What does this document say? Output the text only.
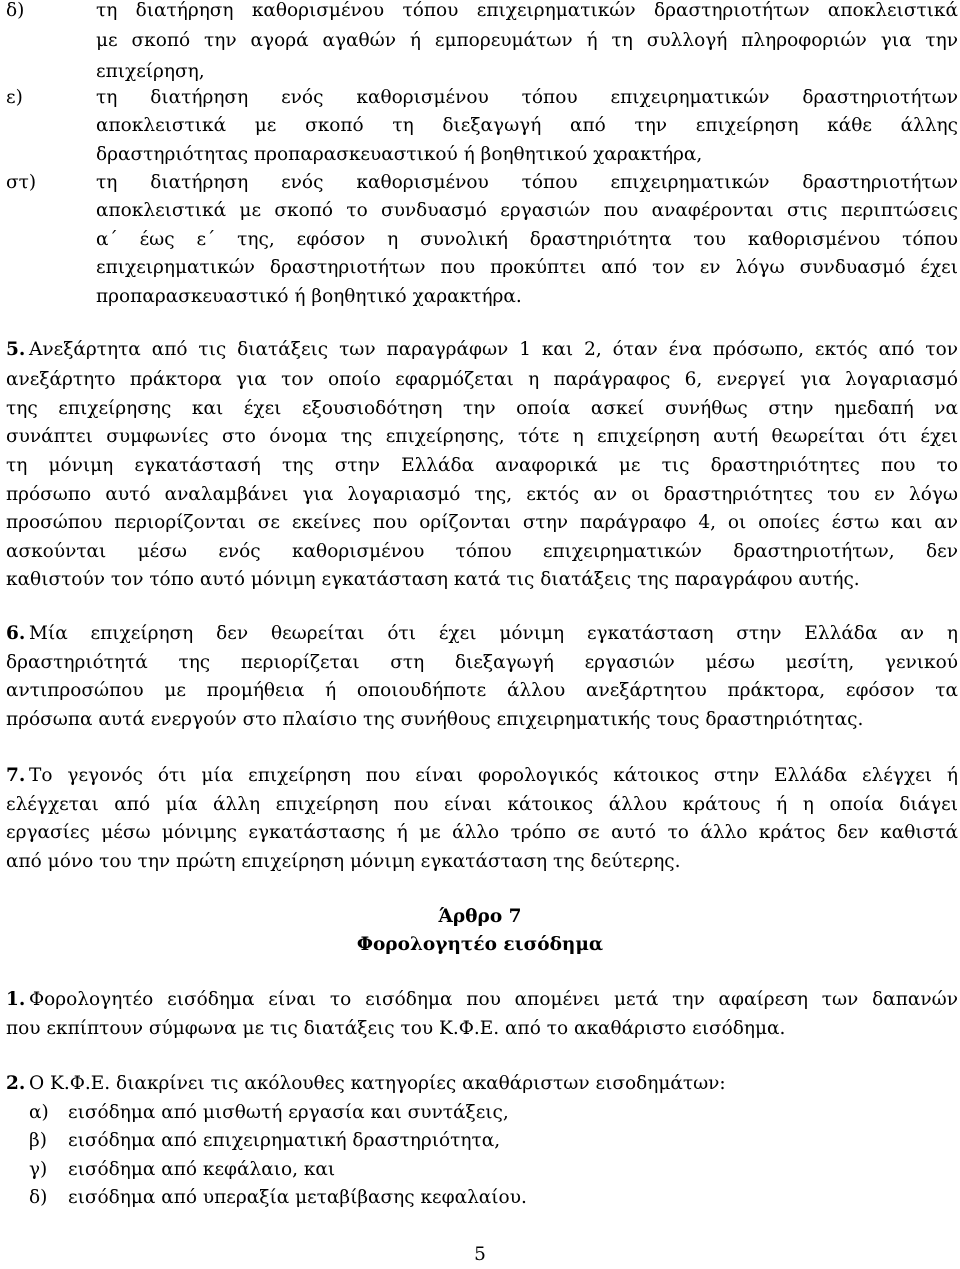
δ)	τη διατήρηση καθορισμένου τόπου επιχειρηματικών δραστηριοτήτων αποκλειστικά
με σκοπό την αγορά αγαθών ή εμπορευμάτων ή τη συλλογή πληροφοριών για την
επιχείρηση,
ε)	τη διατήρηση ενός καθορισμένου τόπου επιχειρηματικών δραστηριοτήτων
αποκλειστικά με σκοπό τη διεξαγωγή από την επιχείρηση κάθε άλλης
δραστηριότητας προπαρασκευαστικού ή βοηθητικού χαρακτήρα,
στ)	τη διατήρηση ενός καθορισμένου τόπου επιχειρηματικών δραστηριοτήτων
αποκλειστικά με σκοπό το συνδυασμό εργασιών που αναφέρονται στις περιπτώσεις
α΄ έως ε΄ της, εφόσον η συνολική δραστηριότητα του καθορισμένου τόπου
επιχειρηματικών δραστηριοτήτων που προκύπτει από τον εν λόγω συνδυασμό έχει
προπαρασκευαστικό ή βοηθητικό χαρακτήρα.
5. Ανεξάρτητα από τις διατάξεις των παραγράφων 1 και 2, όταν ένα πρόσωπο, εκτός από τον
ανεξάρτητο πράκτορα για τον οποίο εφαρμόζεται η παράγραφος 6, ενεργεί για λογαριασμό
της επιχείρησης και έχει εξουσιοδότηση την οποία ασκεί συνήθως στην ημεδαπή να
συνάπτει συμφωνίες στο όνομα της επιχείρησης, τότε η επιχείρηση αυτή θεωρείται ότι έχει
τη μόνιμη εγκατάστασή της στην Ελλάδα αναφορικά με τις δραστηριότητες που το
πρόσωπο αυτό αναλαμβάνει για λογαριασμό της, εκτός αν οι δραστηριότητες του εν λόγω
προσώπου περιορίζονται σε εκείνες που ορίζονται στην παράγραφο 4, οι οποίες έστω και αν
ασκούνται μέσω ενός καθορισμένου τόπου επιχειρηματικών δραστηριοτήτων, δεν
καθιστούν τον τόπο αυτό μόνιμη εγκατάσταση κατά τις διατάξεις της παραγράφου αυτής.
6. Μία επιχείρηση δεν θεωρείται ότι έχει μόνιμη εγκατάσταση στην Ελλάδα αν η
δραστηριότητά της περιορίζεται στη διεξαγωγή εργασιών μέσω μεσίτη, γενικού
αντιπροσώπου με προμήθεια ή οποιουδήποτε άλλου ανεξάρτητου πράκτορα, εφόσον τα
πρόσωπα αυτά ενεργούν στο πλαίσιο της συνήθους επιχειρηματικής τους δραστηριότητας.
7. Το γεγονός ότι μία επιχείρηση που είναι φορολογικός κάτοικος στην Ελλάδα ελέγχει ή
ελέγχεται από μία άλλη επιχείρηση που είναι κάτοικος άλλου κράτους ή η οποία διάγει
εργασίες μέσω μόνιμης εγκατάστασης ή με άλλο τρόπο σε αυτό το άλλο κράτος δεν καθιστά
από μόνο του την πρώτη επιχείρηση μόνιμη εγκατάσταση της δεύτερης.
Άρθρο 7
Φορολογητέο εισόδημα
1. Φορολογητέο εισόδημα είναι το εισόδημα που απομένει μετά την αφαίρεση των δαπανών
που εκπίπτουν σύμφωνα με τις διατάξεις του Κ.Φ.Ε. από το ακαθάριστο εισόδημα.
2. Ο Κ.Φ.Ε. διακρίνει τις ακόλουθες κατηγορίες ακαθάριστων εισοδημάτων:
α) εισόδημα από μισθωτή εργασία και συντάξεις,
β) εισόδημα από επιχειρηματική δραστηριότητα,
γ) εισόδημα από κεφάλαιο, και
δ) εισόδημα από υπεραξία μεταβίβασης κεφαλαίου.
5
